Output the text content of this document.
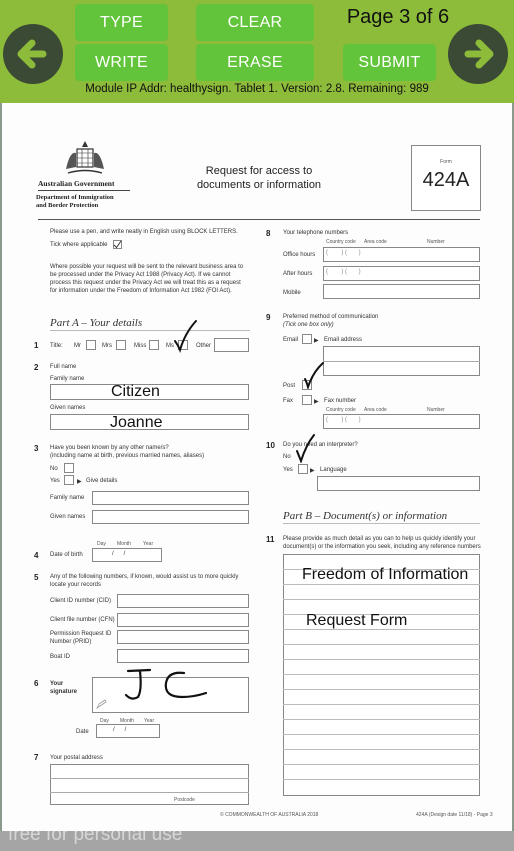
TYPE	CLEAR	Page 3 of 6
WRITE	ERASE	SUBMIT
Module IP Addr: healthysign. Tablet 1. Version: 2.8. Remaining: 989
Australian Government
Department of Immigration
and Border Protection
Request for access to
documents or information
Form
424A
Please use a pen, and write neatly in English using BLOCK LETTERS.
Tick where applicable
Where possible your request will be sent to the relevant business area to
be processed under the Privacy Act 1988 (Privacy Act). If we cannot
process this request under the Privacy Act we will treat this as a request
for information under the Freedom of Information Act 1982 (FOI Act).
Part A – Your details
1 Title: Mr	Mrs	Miss	Ms	Other
2 Full name
Family name
Citizen
Given names
Joanne
3 Have you been known by any other name/s?
(including name at birth, previous married names, aliases)
No
Yes	▶ Give details
Family name
Given names
Day Month Year
4 Date of birth	/      /
5 Any of the following numbers, if known, would assist us to more quickly
locate your records
Client ID number (CID)
Client file number (CFN)
Permission Request ID
Number (PRID)
Boat ID
6 Your
signature
Day Month Year
Date	/      /
7 Your postal address
Postcode
8 Your telephone numbers
Country code Area code	Number
Office hours (        ) (       )
After hours (        ) (       )
Mobile
9 Preferred method of communication
(Tick one box only)
Email	▶ Email address
Post
Fax	▶ Fax number
Country code Area code	Number
(        ) (       )
10 Do you need an interpreter?
No
Yes	▶ Language
Part B – Document(s) or information
11 Please provide as much detail as you can to help us quickly identify your
document(s) or the information you seek, including any reference numbers
Freedom of Information
Request Form
© COMMONWEALTH OF AUSTRALIA 2018	424A (Design date 11/18) - Page 3
free for personal use
